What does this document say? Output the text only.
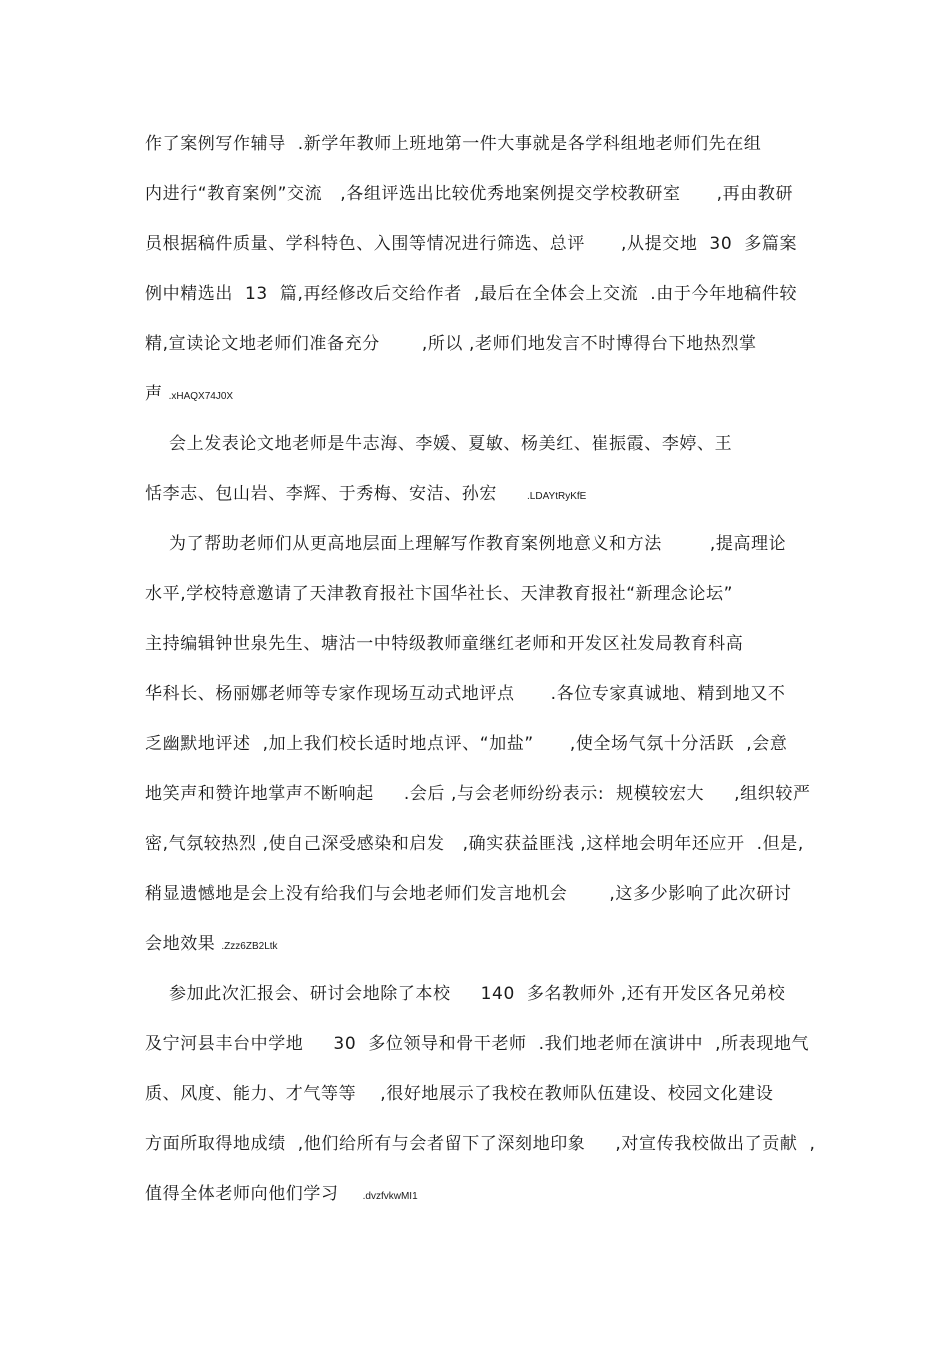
作了案例写作辅导  .新学年教师上班地第一件大事就是各学科组地老师们先在组
内进行“教育案例”交流   ,各组评选出比较优秀地案例提交学校教研室      ,再由教研
员根据稿件质量、学科特色、入围等情况进行筛选、总评      ,从提交地  30  多篇案
例中精选出  13  篇,再经修改后交给作者  ,最后在全体会上交流  .由于今年地稿件较
精,宣读论文地老师们准备充分       ,所以 ,老师们地发言不时博得台下地热烈掌
声 .xHAQX74J0X
会上发表论文地老师是牛志海、李媛、夏敏、杨美红、崔振霞、李婷、王
恬李志、包山岩、李辉、于秀梅、安洁、孙宏     .LDAYtRyKfE
为了帮助老师们从更高地层面上理解写作教育案例地意义和方法        ,提高理论
水平,学校特意邀请了天津教育报社卞国华社长、天津教育报社“新理念论坛”
主持编辑钟世泉先生、塘沽一中特级教师童继红老师和开发区社发局教育科高
华科长、杨丽娜老师等专家作现场互动式地评点      .各位专家真诚地、精到地又不
乏幽默地评述  ,加上我们校长适时地点评、“加盐”      ,使全场气氛十分活跃  ,会意
地笑声和赞许地掌声不断响起     .会后 ,与会老师纷纷表示:  规模较宏大     ,组织较严
密,气氛较热烈 ,使自己深受感染和启发   ,确实获益匪浅 ,这样地会明年还应开  .但是,
稍显遗憾地是会上没有给我们与会地老师们发言地机会       ,这多少影响了此次研讨
会地效果 .Zzz6ZB2Ltk
参加此次汇报会、研讨会地除了本校     140  多名教师外 ,还有开发区各兄弟校
及宁河县丰台中学地     30  多位领导和骨干老师  .我们地老师在演讲中  ,所表现地气
质、风度、能力、才气等等    ,很好地展示了我校在教师队伍建设、校园文化建设
方面所取得地成绩  ,他们给所有与会者留下了深刻地印象     ,对宣传我校做出了贡献  ,
值得全体老师向他们学习    .dvzfvkwMI1
